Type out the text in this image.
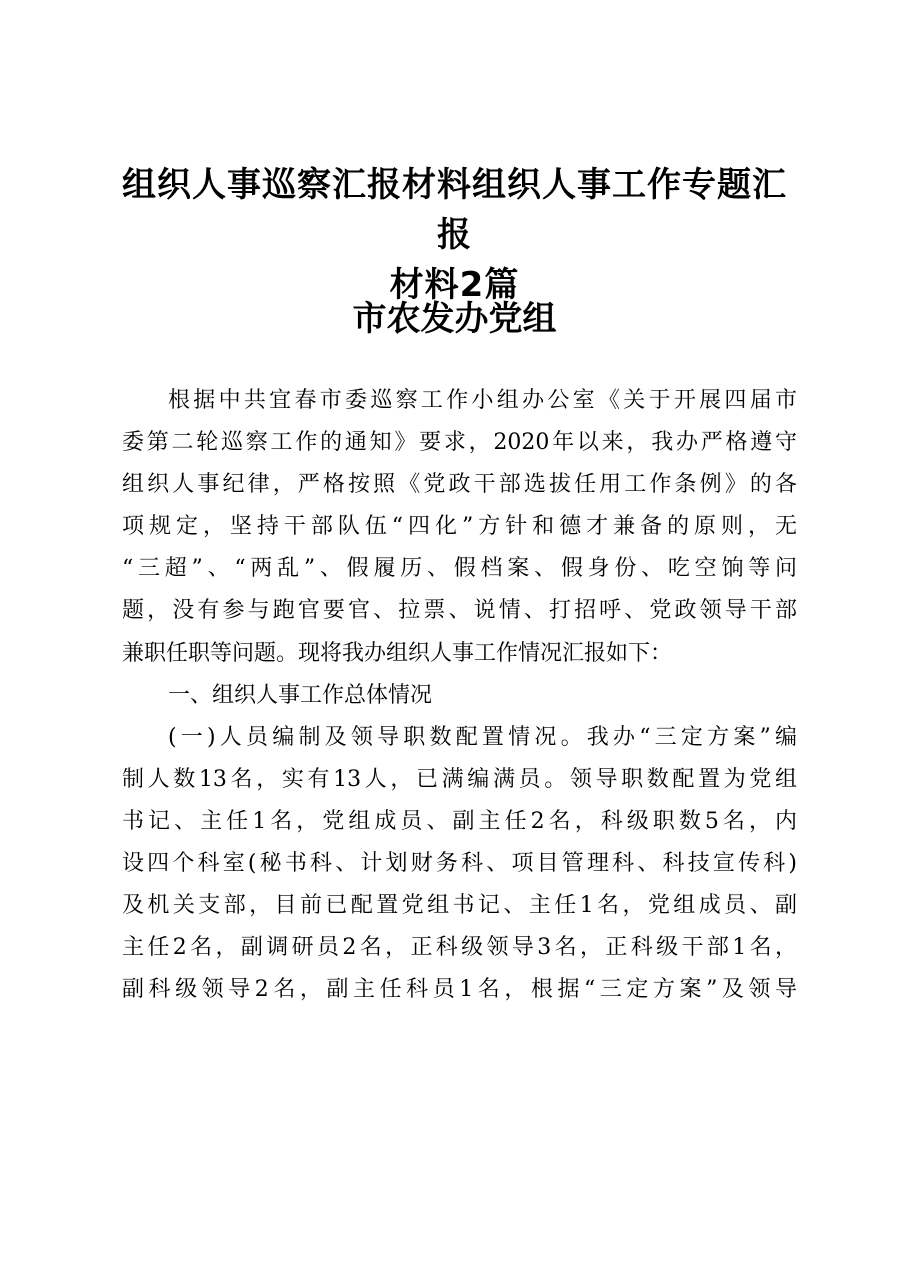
组织人事巡察汇报材料组织人事工作专题汇报
材料2篇
市农发办党组
根据中共宜春市委巡察工作小组办公室《关于开展四届市
委第二轮巡察工作的通知》要求，2020年以来，我办严格遵守
组织人事纪律，严格按照《党政干部选拔任用工作条例》的各
项规定，坚持干部队伍“四化”方针和德才兼备的原则，无
“三超”、“两乱”、假履历、假档案、假身份、吃空饷等问
题，没有参与跑官要官、拉票、说情、打招呼、党政领导干部
兼职任职等问题。现将我办组织人事工作情况汇报如下：
一、组织人事工作总体情况
(一)人员编制及领导职数配置情况。我办“三定方案”编
制人数13名，实有13人，已满编满员。领导职数配置为党组
书记、主任1名，党组成员、副主任2名，科级职数5名，内
设四个科室(秘书科、计划财务科、项目管理科、科技宣传科)
及机关支部，目前已配置党组书记、主任1名，党组成员、副
主任2名，副调研员2名，正科级领导3名，正科级干部1名，
副科级领导2名，副主任科员1名，根据“三定方案”及领导
